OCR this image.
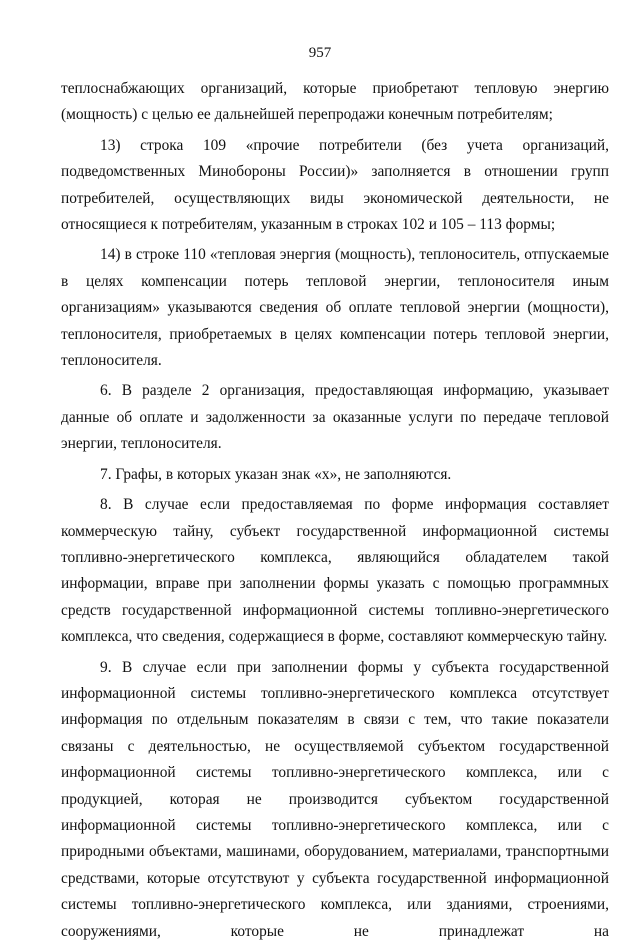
957

теплоснабжающих организаций, которые приобретают тепловую энергию (мощность) с целью ее дальнейшей перепродажи конечным потребителям;

13) строка 109 «прочие потребители (без учета организаций, подведомственных Минобороны России)» заполняется в отношении групп потребителей, осуществляющих виды экономической деятельности, не относящиеся к потребителям, указанным в строках 102 и 105 – 113 формы;

14) в строке 110 «тепловая энергия (мощность), теплоноситель, отпускаемые в целях компенсации потерь тепловой энергии, теплоносителя иным организациям» указываются сведения об оплате тепловой энергии (мощности), теплоносителя, приобретаемых в целях компенсации потерь тепловой энергии, теплоносителя.

6. В разделе 2 организация, предоставляющая информацию, указывает данные об оплате и задолженности за оказанные услуги по передаче тепловой энергии, теплоносителя.

7. Графы, в которых указан знак «x», не заполняются.

8. В случае если предоставляемая по форме информация составляет коммерческую тайну, субъект государственной информационной системы топливно-энергетического комплекса, являющийся обладателем такой информации, вправе при заполнении формы указать с помощью программных средств государственной информационной системы топливно-энергетического комплекса, что сведения, содержащиеся в форме, составляют коммерческую тайну.

9. В случае если при заполнении формы у субъекта государственной информационной системы топливно-энергетического комплекса отсутствует информация по отдельным показателям в связи с тем, что такие показатели связаны с деятельностью, не осуществляемой субъектом государственной информационной системы топливно-энергетического комплекса, или с продукцией, которая не производится субъектом государственной информационной системы топливно-энергетического комплекса, или с природными объектами, машинами, оборудованием, материалами, транспортными средствами, которые отсутствуют у субъекта государственной информационной системы топливно-энергетического комплекса, или зданиями, строениями, сооружениями, которые не принадлежат на
